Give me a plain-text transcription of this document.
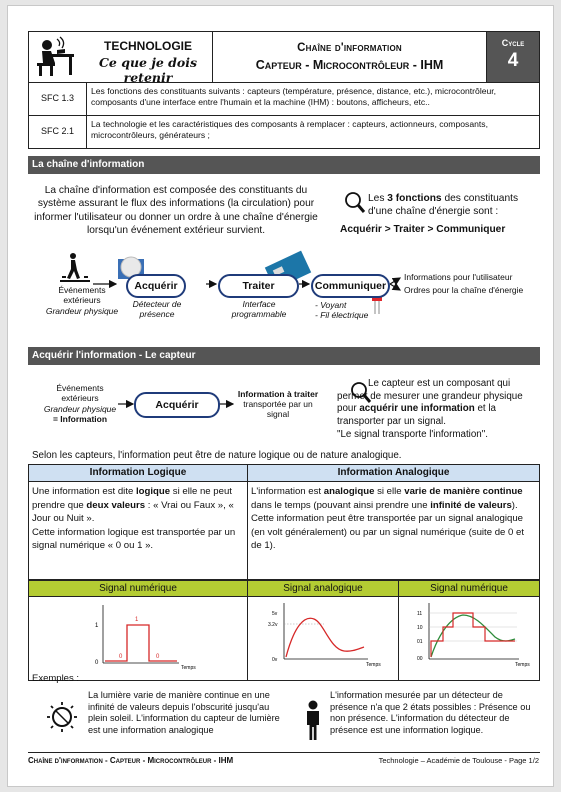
TECHNOLOGIE
Ce que je dois retenir
Chaîne d'information
Capteur - Microcontrôleur - IHM
Cycle
4
SFC 1.3
Les fonctions des constituants suivants : capteurs (température, présence, distance, etc.), microcontrôleur, composants d'une interface entre l'humain et la machine (IHM) : boutons, afficheurs, etc..
SFC 2.1
La technologie et les caractéristiques des composants à remplacer : capteurs, actionneurs, composants, microcontrôleurs, générateurs ;
La chaîne d'information
La chaîne d'information est composée des constituants du système assurant le flux des informations (la circulation) pour informer l'utilisateur ou donner un ordre à une chaîne d'énergie lorsqu'un événement extérieur survient.
Les 3 fonctions des constituants d'une chaîne d'énergie sont :
Acquérir > Traiter > Communiquer
Acquérir	Traiter	Communiquer
Événements extérieurs
Grandeur physique
Détecteur de présence
Interface programmable
- Voyant
- Fil électrique
Informations pour l'utilisateur
Ordres pour la chaîne d'énergie
Acquérir l'information - Le capteur
Événements extérieurs
Grandeur physique
= Information
Acquérir
Information à traiter
transportée par un signal
Le capteur est un composant qui permet de mesurer une grandeur physique pour acquérir une information et la transporter par un signal.
"Le signal transporte l'information".
Selon les capteurs, l'information peut être de nature logique ou de nature analogique.
Information Logique	Information Analogique
Une information est dite logique si elle ne peut prendre que deux valeurs : « Vrai ou Faux », « Jour ou Nuit ».
Cette information logique est transportée par un signal numérique « 0 ou 1 ».
L'information est analogique si elle varie de manière continue dans le temps (pouvant ainsi prendre une infinité de valeurs).
Cette information peut être transportée par un signal analogique (en volt généralement) ou par un signal numérique (suite de 0 et de 1).
Signal numérique	Signal analogique	Signal numérique
1
0
1
0	0
Temps
5v
3.2v
0v
Temps
11
10
01
00
Temps
Exemples :
La lumière varie de manière continue en une infinité de valeurs depuis l'obscurité jusqu'au plein soleil. L'information du capteur de lumière est une information analogique
L'information mesurée par un détecteur de présence n'a que 2 états possibles : Présence ou non présence. L'information du détecteur de présence est une information logique.
Chaîne d'information - Capteur - Microcontrôleur - IHM	Technologie – Académie de Toulouse - Page 1/2
